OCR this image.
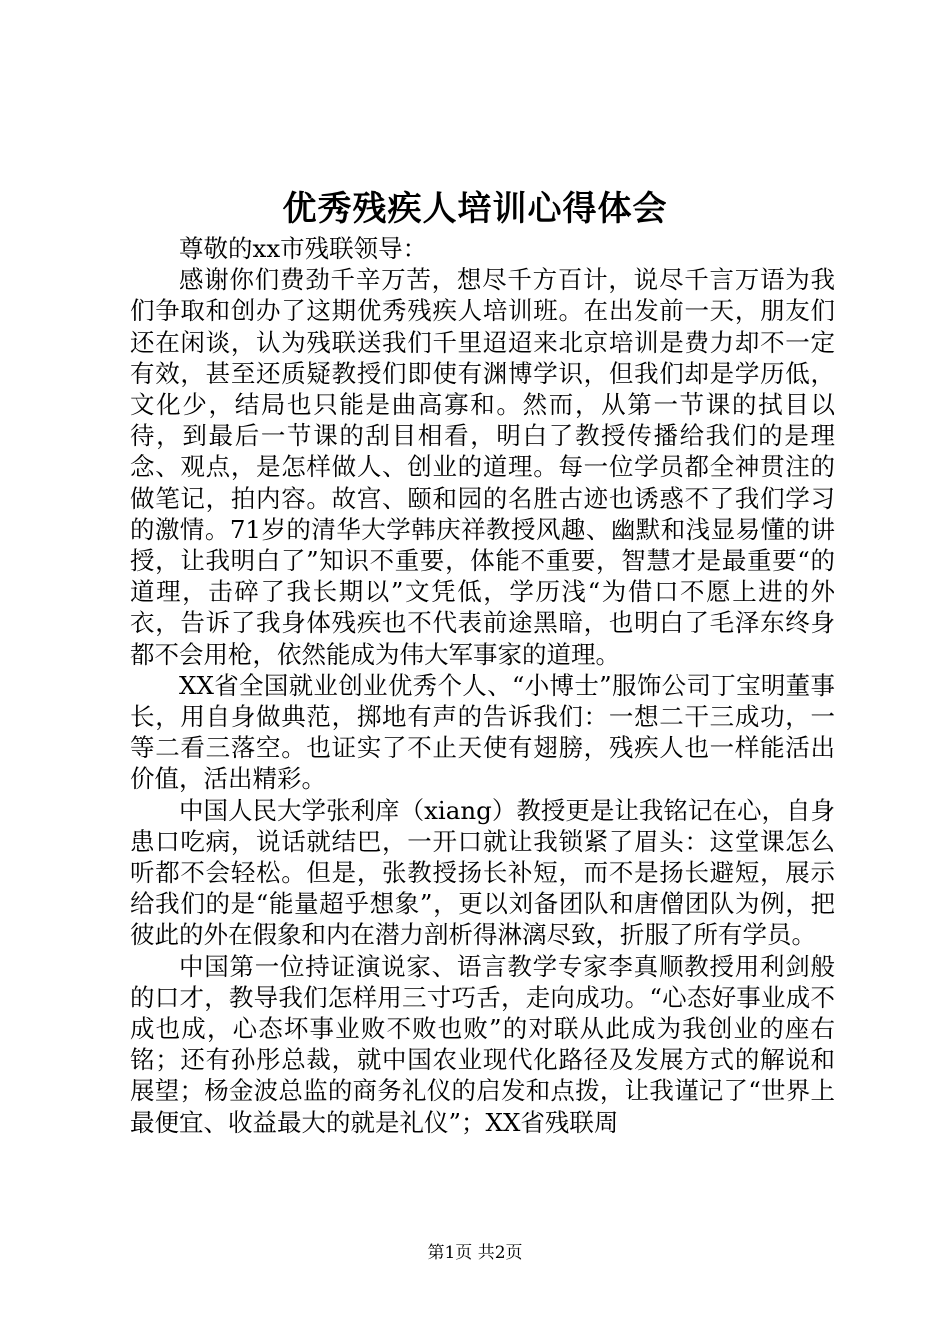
优秀残疾人培训心得体会

尊敬的xx市残联领导：

感谢你们费劲千辛万苦，想尽千方百计，说尽千言万语为我们争取和创办了这期优秀残疾人培训班。在出发前一天，朋友们还在闲谈，认为残联送我们千里迢迢来北京培训是费力却不一定有效，甚至还质疑教授们即使有渊博学识，但我们却是学历低，文化少，结局也只能是曲高寡和。然而，从第一节课的拭目以待，到最后一节课的刮目相看，明白了教授传播给我们的是理念、观点，是怎样做人、创业的道理。每一位学员都全神贯注的做笔记，拍内容。故宫、颐和园的名胜古迹也诱惑不了我们学习的激情。71岁的清华大学韩庆祥教授风趣、幽默和浅显易懂的讲授，让我明白了”知识不重要，体能不重要，智慧才是最重要“的道理，击碎了我长期以”文凭低，学历浅“为借口不愿上进的外衣，告诉了我身体残疾也不代表前途黑暗，也明白了毛泽东终身都不会用枪，依然能成为伟大军事家的道理。

XX省全国就业创业优秀个人、“小博士”服饰公司丁宝明董事长，用自身做典范，掷地有声的告诉我们：一想二干三成功，一等二看三落空。也证实了不止天使有翅膀，残疾人也一样能活出价值，活出精彩。

中国人民大学张利庠（xiang）教授更是让我铭记在心，自身患口吃病，说话就结巴，一开口就让我锁紧了眉头：这堂课怎么听都不会轻松。但是，张教授扬长补短，而不是扬长避短，展示给我们的是“能量超乎想象”，更以刘备团队和唐僧团队为例，把彼此的外在假象和内在潜力剖析得淋漓尽致，折服了所有学员。

中国第一位持证演说家、语言教学专家李真顺教授用利剑般的口才，教导我们怎样用三寸巧舌，走向成功。“心态好事业成不成也成，心态坏事业败不败也败”的对联从此成为我创业的座右铭；还有孙彤总裁，就中国农业现代化路径及发展方式的解说和展望；杨金波总监的商务礼仪的启发和点拨，让我谨记了“世界上最便宜、收益最大的就是礼仪”；XX省残联周

第1页 共2页
